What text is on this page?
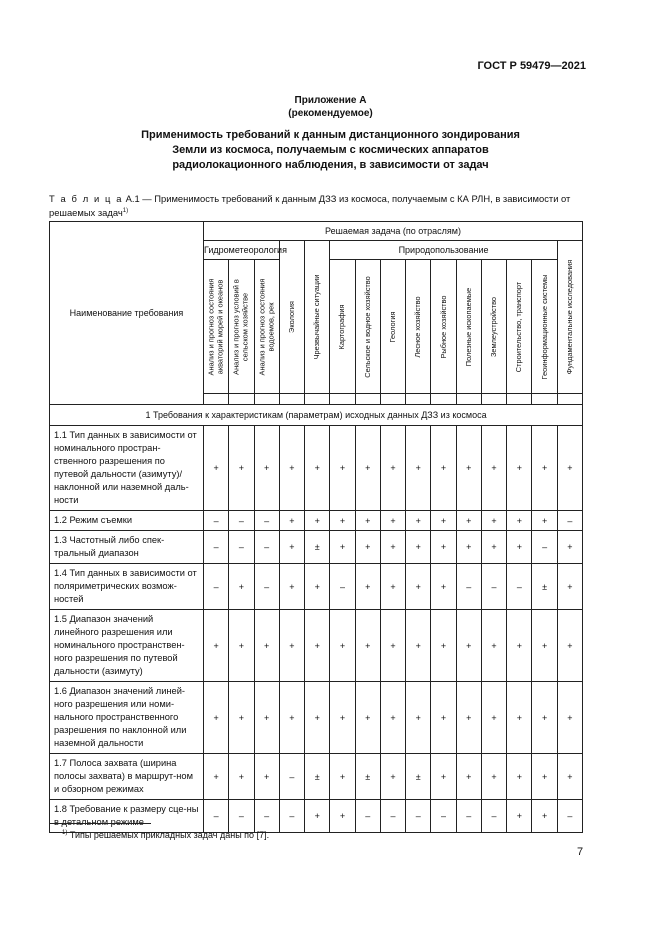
ГОСТ Р 59479—2021
Приложение А
(рекомендуемое)
Применимость требований к данным дистанционного зондирования
Земли из космоса, получаемым с космических аппаратов
радиолокационного наблюдения, в зависимости от задач
Т а б л и ц а А.1 — Применимость требований к данным ДЗЗ из космоса, получаемым с КА РЛН, в зависимости от решаемых задач$^{1)}$
Наименование требования	Решаемая задача (по отраслям)														
	Гидрометеорология			Экология	Чрезвычайные ситуации	Природопользование									Фундаментальные исследования

	Анализ и прогноз состояния акваторий морей и океанов	Анализ и прогноз условий в сельском хозяйстве	Анализ и прогноз состояния водоемов, рек			Картография	Сельское и водное хозяйство	Геология	Лесное хозяйство	Рыбное хозяйство	Полезные ископаемые	Землеустройство	Строительство, транспорт	Геоинформационные системы	

1 Требования к характеристикам (параметрам) исходных данных ДЗЗ из космоса															
1.1 Тип данных в зависимости от номинального простран-ственного разрешения по путевой дальности (азимуту)/ наклонной или наземной даль-ности	+	+	+	+	+	+	+	+	+	+	+	+	+	+	+
1.2 Режим съемки	–	–	–	+	+	+	+	+	+	+	+	+	+	+	–
1.3 Частотный либо спек-тральный диапазон	–	–	–	+	±	+	+	+	+	+	+	+	+	–	+
1.4 Тип данных в зависимости от поляриметрических возмож-ностей	–	+	–	+	+	–	+	+	+	+	–	–	–	±	+
1.5 Диапазон значений линейного разрешения или номинального пространствен-ного разрешения по путевой дальности (азимуту)	+	+	+	+	+	+	+	+	+	+	+	+	+	+	+
1.6 Диапазон значений линей-ного разрешения или номи-нального пространственного разрешения по наклонной или наземной дальности	+	+	+	+	+	+	+	+	+	+	+	+	+	+	+
1.7 Полоса захвата (ширина полосы захвата) в маршрут-ном и обзорном режимах	+	+	+	–	±	+	±	+	±	+	+	+	+	+	+
1.8 Требование к размеру сце-ны в детальном режиме	–	–	–	–	+	+	–	–	–	–	–	–	+	+	–
$^{1)}$ Типы решаемых прикладных задач даны по [7].
7
